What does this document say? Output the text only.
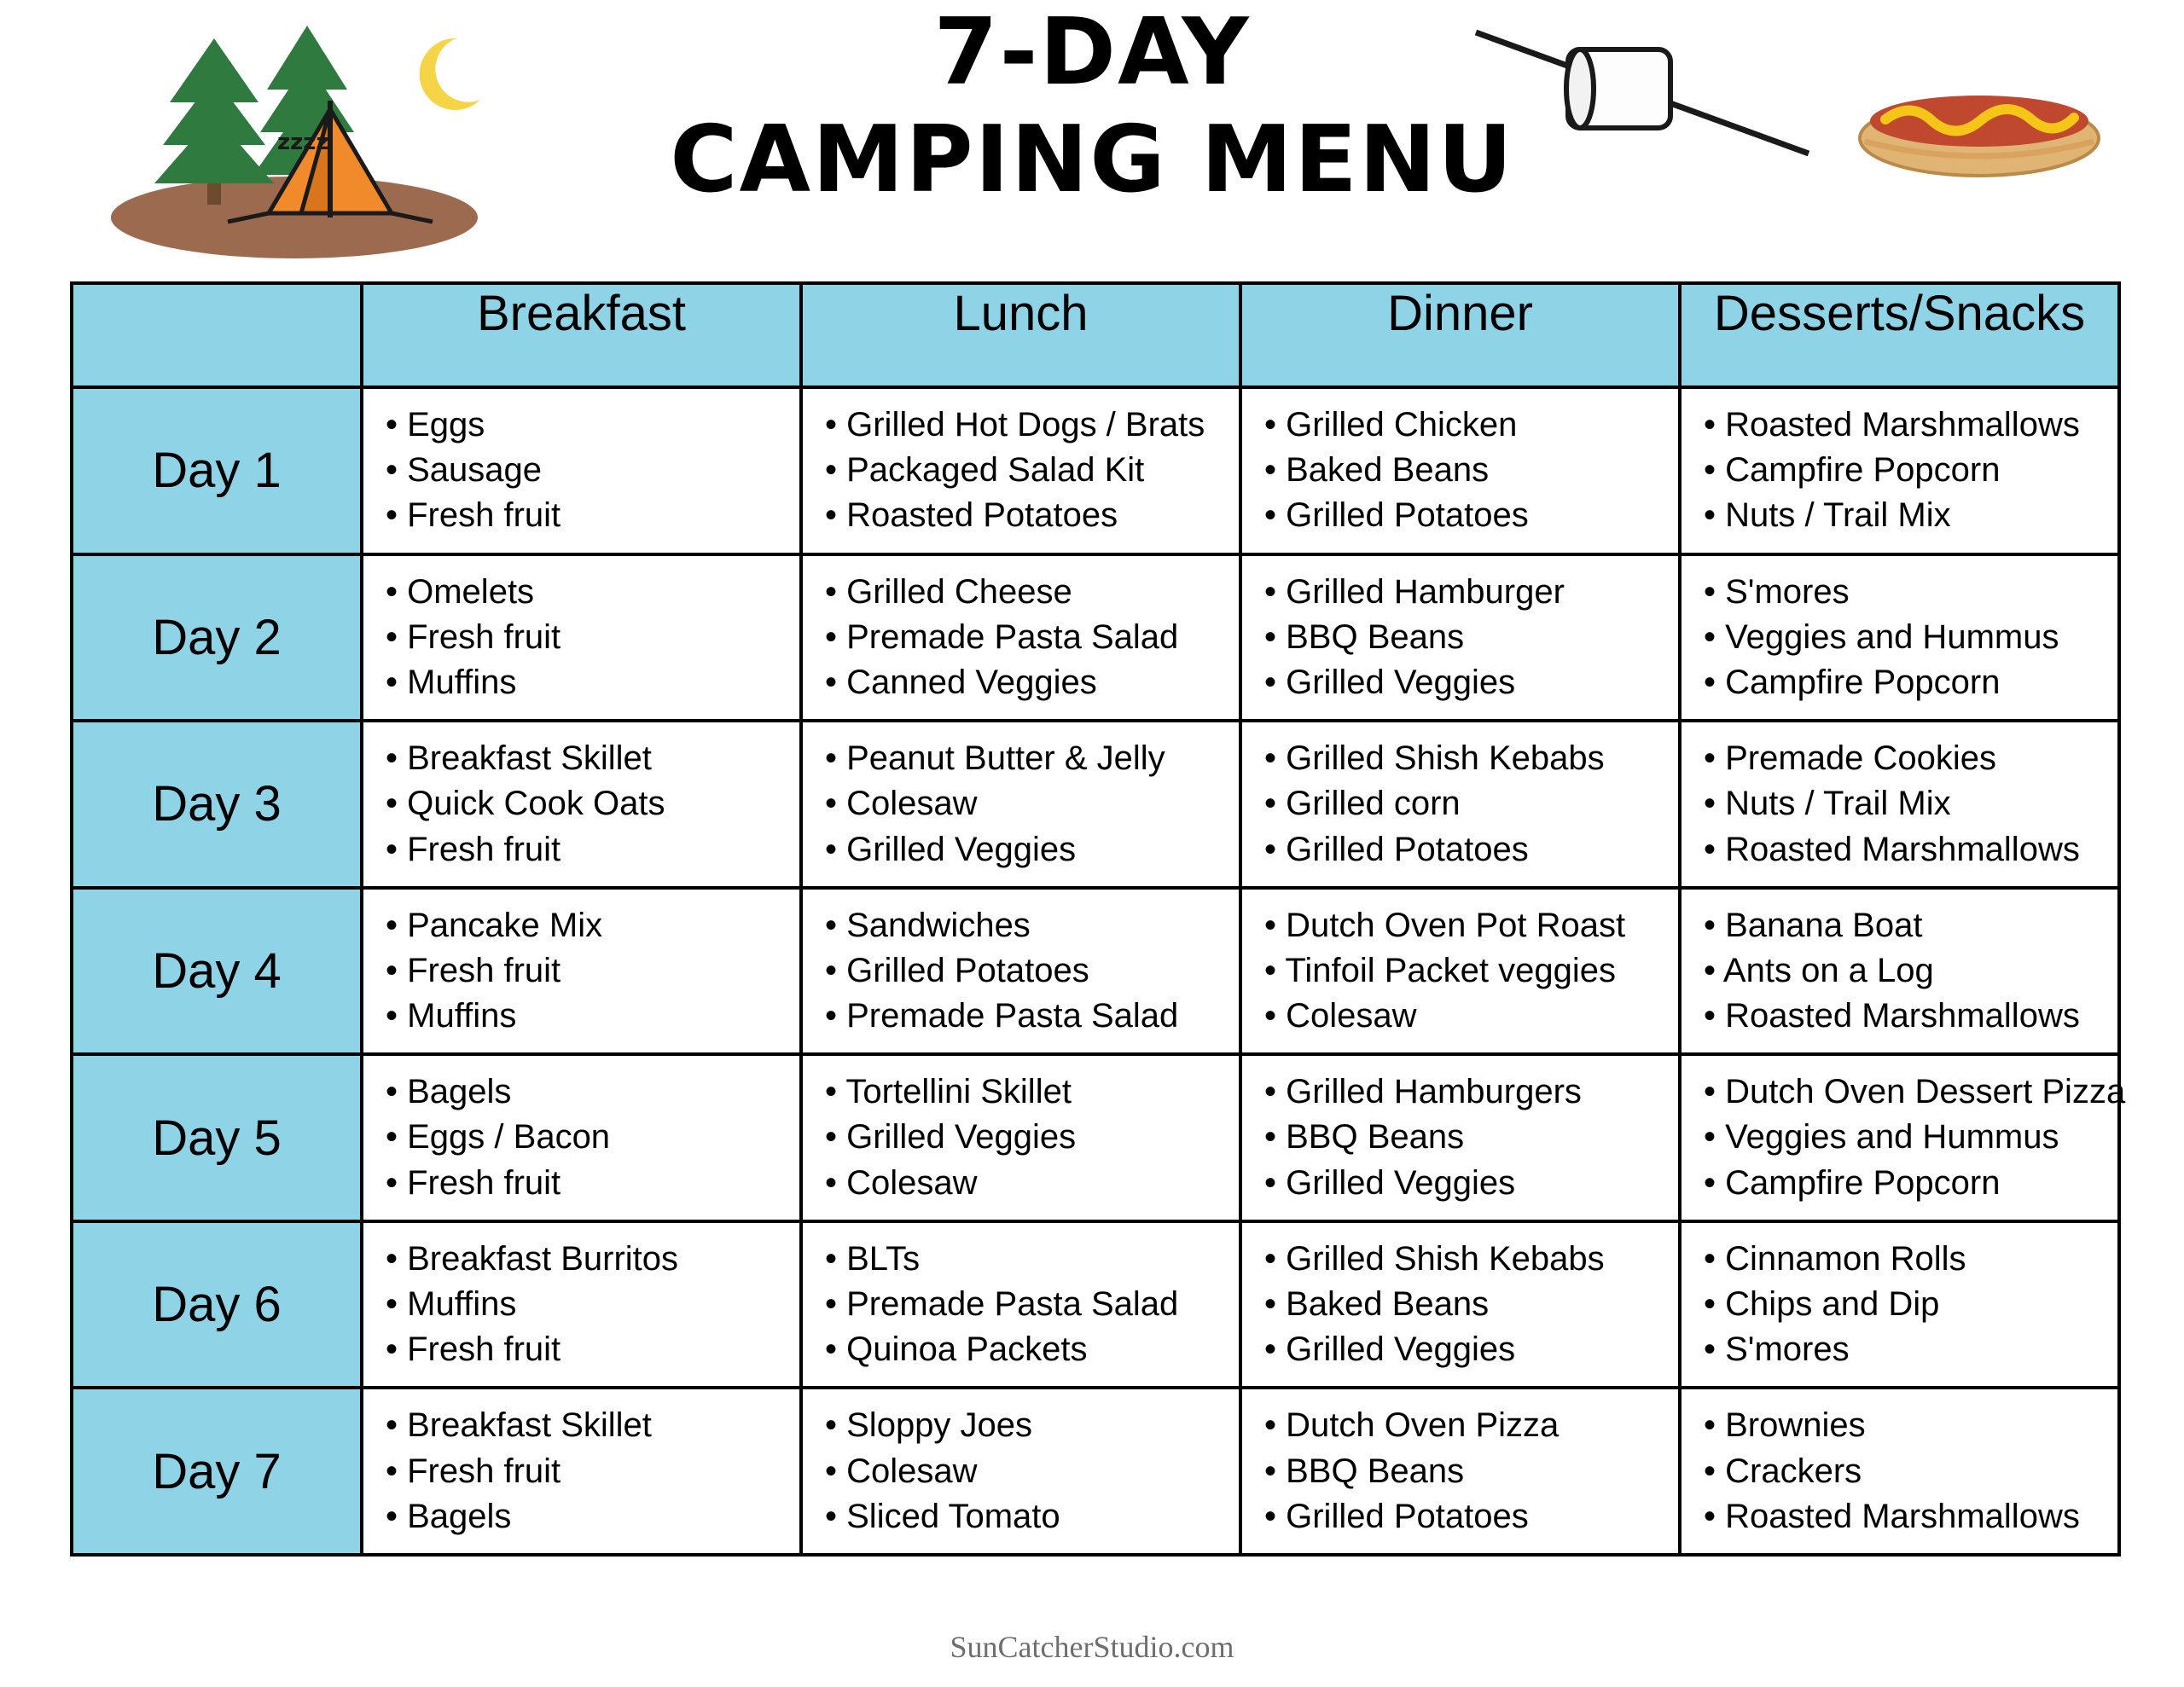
zzzz
7-DAY
CAMPING MENU
	Breakfast	Lunch	Dinner	Desserts/Snacks
Day 1	
• Eggs
• Sausage
• Fresh fruit

• Grilled Hot Dogs / Brats
• Packaged Salad Kit
• Roasted Potatoes

• Grilled Chicken
• Baked Beans
• Grilled Potatoes

• Roasted Marshmallows
• Campfire Popcorn
• Nuts / Trail Mix

Day 2	
• Omelets
• Fresh fruit
• Muffins

• Grilled Cheese
• Premade Pasta Salad
• Canned Veggies

• Grilled Hamburger
• BBQ Beans
• Grilled Veggies

• S'mores
• Veggies and Hummus
• Campfire Popcorn

Day 3	
• Breakfast Skillet
• Quick Cook Oats
• Fresh fruit

• Peanut Butter & Jelly
• Colesaw
• Grilled Veggies

• Grilled Shish Kebabs
• Grilled corn
• Grilled Potatoes

• Premade Cookies
• Nuts / Trail Mix
• Roasted Marshmallows

Day 4	
• Pancake Mix
• Fresh fruit
• Muffins

• Sandwiches
• Grilled Potatoes
• Premade Pasta Salad

• Dutch Oven Pot Roast
• Tinfoil Packet veggies
• Colesaw

• Banana Boat
• Ants on a Log
• Roasted Marshmallows

Day 5	
• Bagels
• Eggs / Bacon
• Fresh fruit

• Tortellini Skillet
• Grilled Veggies
• Colesaw

• Grilled Hamburgers
• BBQ Beans
• Grilled Veggies

• Dutch Oven Dessert Pizza
• Veggies and Hummus
• Campfire Popcorn

Day 6	
• Breakfast Burritos
• Muffins
• Fresh fruit

• BLTs
• Premade Pasta Salad
• Quinoa Packets

• Grilled Shish Kebabs
• Baked Beans
• Grilled Veggies

• Cinnamon Rolls
• Chips and Dip
• S'mores

Day 7	
• Breakfast Skillet
• Fresh fruit
• Bagels

• Sloppy Joes
• Colesaw
• Sliced Tomato

• Dutch Oven Pizza
• BBQ Beans
• Grilled Potatoes

• Brownies
• Crackers
• Roasted Marshmallows
SunCatcherStudio.com
